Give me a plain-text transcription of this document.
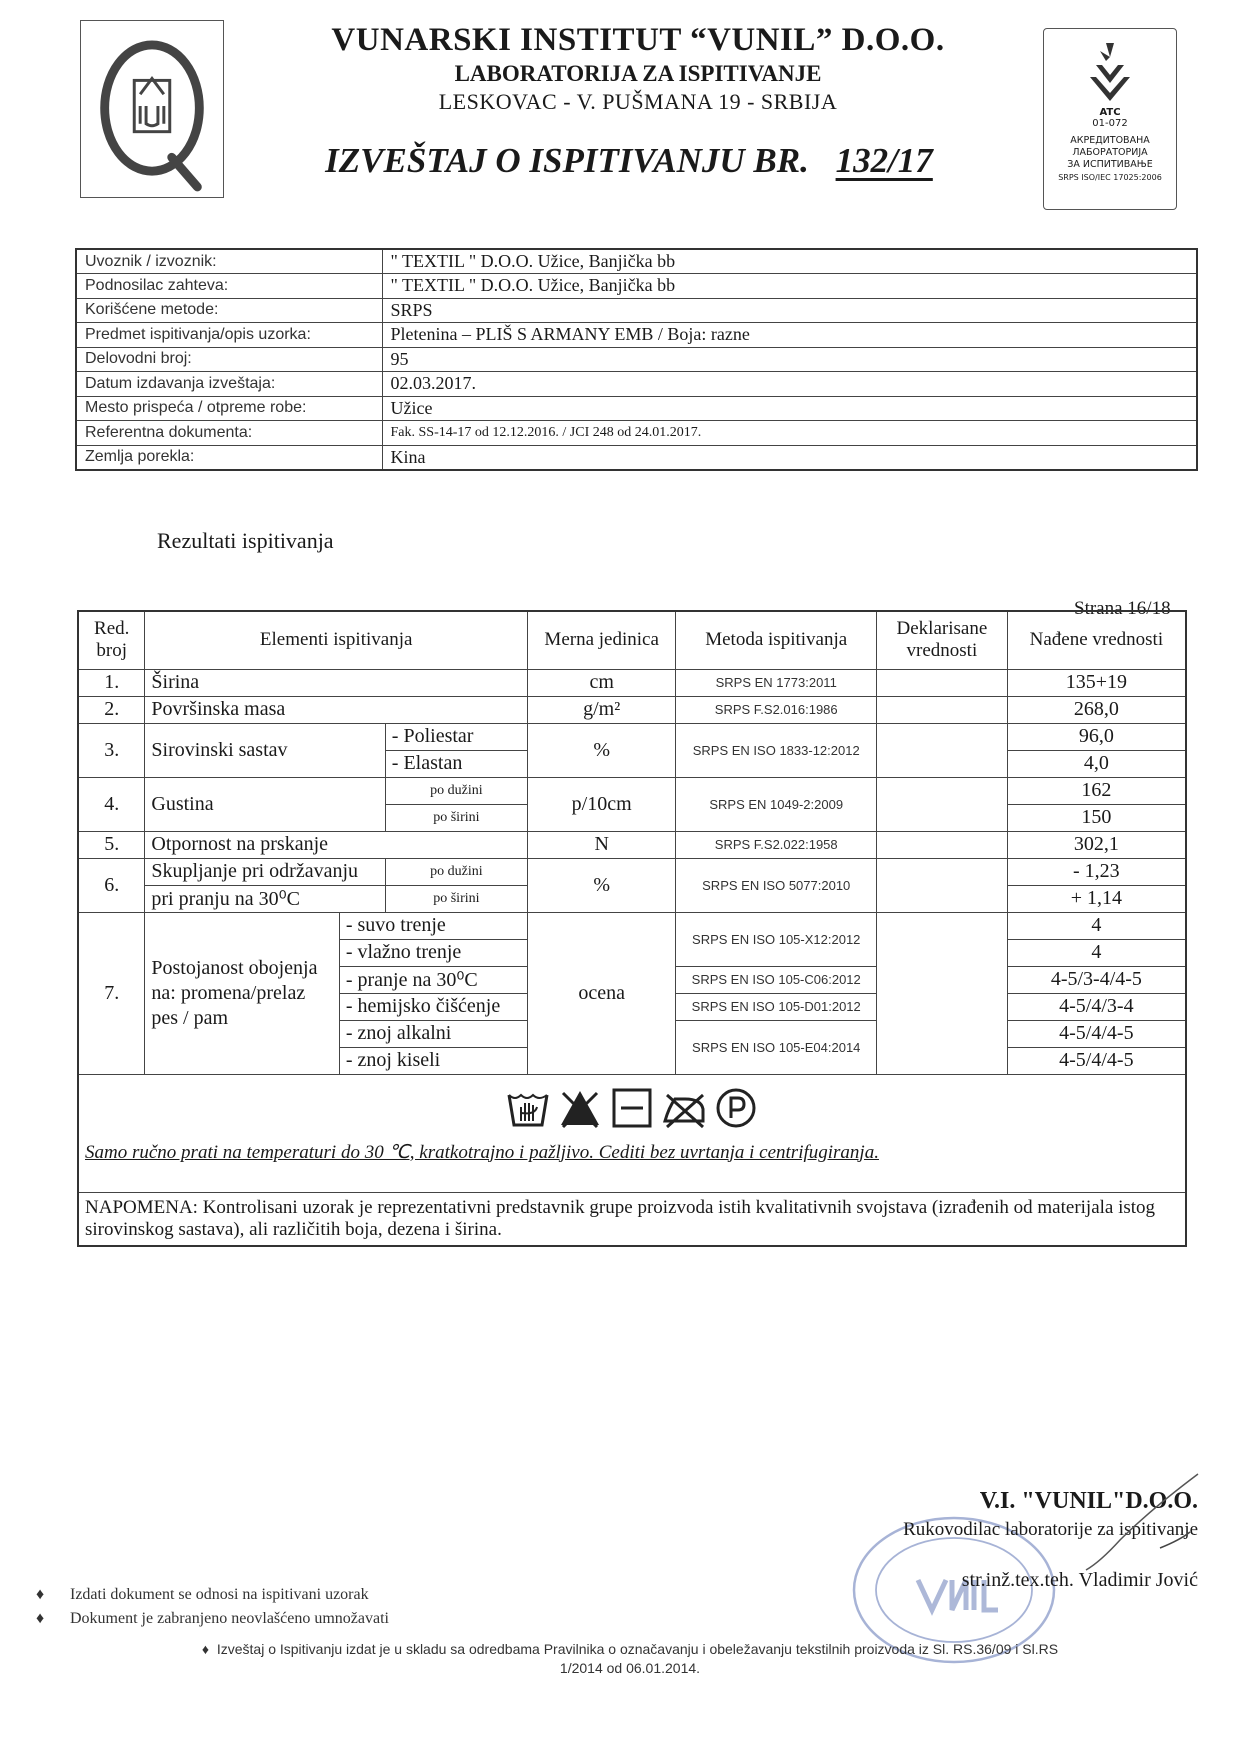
VUNARSKI INSTITUT “VUNIL” D.O.O.
LABORATORIJA ZA ISPITIVANJE
LESKOVAC - V. PUŠMANA 19 - SRBIJA
IZVEŠTAJ O ISPITIVANJU BR. 132/17
ATC
01-072
АКРЕДИТОВАНА
ЛАБОРАТОРИЈА
ЗА ИСПИТИВАЊЕ
SRPS ISO/IEC 17025:2006
Uvoznik / izvoznik:	" TEXTIL " D.O.O. Užice, Banjička bb
Podnosilac zahteva:	" TEXTIL " D.O.O. Užice, Banjička bb
Korišćene metode:	SRPS
Predmet ispitivanja/opis uzorka:	Pletenina – PLIŠ S ARMANY EMB / Boja: razne
Delovodni broj:	95
Datum izdavanja izveštaja:	02.03.2017.
Mesto prispeća / otpreme robe:	Užice
Referentna dokumenta:	Fak. SS-14-17 od 12.12.2016. / JCI 248 od 24.01.2017.
Zemlja porekla:	Kina
Rezultati ispitivanja
Strana 16/18
Red. broj	Elementi ispitivanja			Merna jedinica	Metoda ispitivanja	Deklarisane vrednosti	Nađene vrednosti
1.	Širina			cm	SRPS EN 1773:2011		135+19
2.	Površinska masa			g/m²	SRPS F.S2.016:1986		268,0
3.	Sirovinski sastav		- Poliestar	%	SRPS EN ISO 1833-12:2012		96,0
			- Elastan				4,0
4.	Gustina		po dužini	p/10cm	SRPS EN 1049-2:2009		162
			po širini				150
5.	Otpornost na prskanje			N	SRPS F.S2.022:1958		302,1
6.	Skupljanje pri održavanju		po dužini	%	SRPS EN ISO 5077:2010		- 1,23
	pri pranju na 30⁰C		po širini				+ 1,14
7.	Postojanost obojenja na: promena/prelaz pes / pam	- suvo trenje		ocena	SRPS EN ISO 105-X12:2012		4
		- vlažno trenje					4
		- pranje na 30⁰C			SRPS EN ISO 105-C06:2012		4-5/3-4/4-5
		- hemijsko čišćenje			SRPS EN ISO 105-D01:2012		4-5/4/3-4
		- znoj alkalni			SRPS EN ISO 105-E04:2014		4-5/4/4-5
		- znoj kiseli					4-5/4/4-5

Samo ručno prati na temperaturi do 30 ℃, kratkotrajno i pažljivo. Cediti bez uvrtanja i centrifugiranja.							

NAPOMENA: Kontrolisani uzorak je reprezentativni predstavnik grupe proizvoda istih kvalitativnih svojstava (izrađenih od materijala istog sirovinskog sastava), ali različitih boja, dezena i širina.							
V.I. "VUNIL"D.O.O.
Rukovodilac laboratorije za ispitivanje
str.inž.tex.teh. Vladimir Jović
♦ Izdati dokument se odnosi na ispitivani uzorak
♦ Dokument je zabranjeno neovlašćeno umnožavati
♦  Izveštaj o Ispitivanju izdat je u skladu sa odredbama Pravilnika o označavanju i obeležavanju tekstilnih proizvoda iz Sl. RS.36/09 i Sl.RS 1/2014 od 06.01.2014.
